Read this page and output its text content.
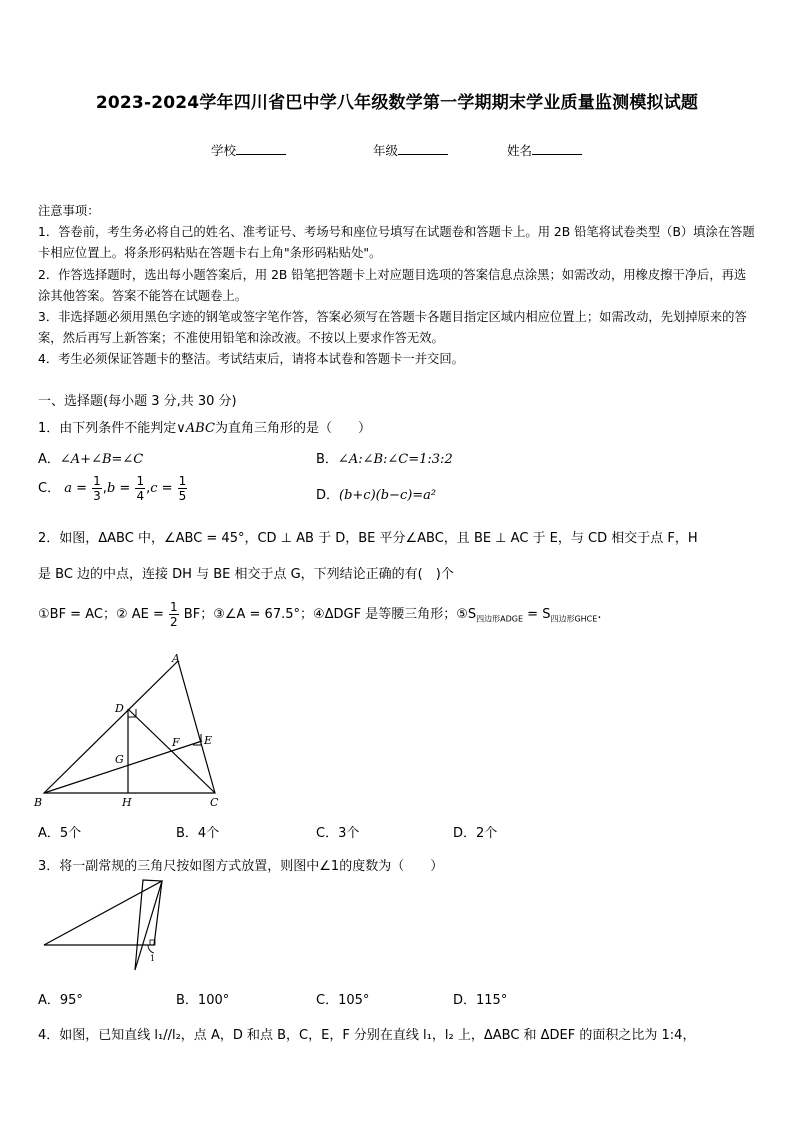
2023-2024学年四川省巴中学八年级数学第一学期期末学业质量监测模拟试题
学校	年级	姓名

注意事项：

1．答卷前，考生务必将自己的姓名、准考证号、考场号和座位号填写在试题卷和答题卡上。用 2B 铅笔将试卷类型（B）填涂在答题卡相应位置上。将条形码粘贴在答题卡右上角"条形码粘贴处"。

2．作答选择题时，选出每小题答案后，用 2B 铅笔把答题卡上对应题目选项的答案信息点涂黑；如需改动，用橡皮擦干净后，再选涂其他答案。答案不能答在试题卷上。

3．非选择题必须用黑色字迹的钢笔或签字笔作答，答案必须写在答题卡各题目指定区域内相应位置上；如需改动，先划掉原来的答案，然后再写上新答案；不准使用铅笔和涂改液。不按以上要求作答无效。

4．考生必须保证答题卡的整洁。考试结束后，请将本试卷和答题卡一并交回。

一、选择题(每小题 3 分,共 30 分)
1．由下列条件不能判定∨ABC为直角三角形的是（　　）
A．∠A+∠B=∠C	B．∠A:∠B:∠C=1:3:2
C． $a = \frac{1}{3} ,b = \frac{1}{4} ,c = \frac{1}{5}$	D．(b+c)(b−c)=a²
2．如图，ΔABC 中，∠ABC = 45°，CD ⊥ AB 于 D，BE 平分∠ABC，且 BE ⊥ AC 于 E，与 CD 相交于点 F，H
是 BC 边的中点，连接 DH 与 BE 相交于点 G，下列结论正确的有(　)个
①BF = AC；② AE = $\frac{1}{2}$ BF；③∠A = 67.5°；④ΔDGF 是等腰三角形；$⑤S_{四边形ADGE} = S_{四边形GHCE}$.
A
B	C
D
E
F
G
H
A．5个	B．4个	C．3个	D．2个
3．将一副常规的三角尺按如图方式放置，则图中∠1的度数为（　　）
1
A．95°	B．100°	C．105°	D．115°
4．如图，已知直线 l₁//l₂，点 A，D 和点 B，C，E，F 分别在直线 l₁，l₂ 上，ΔABC 和 ΔDEF 的面积之比为 1:4，
